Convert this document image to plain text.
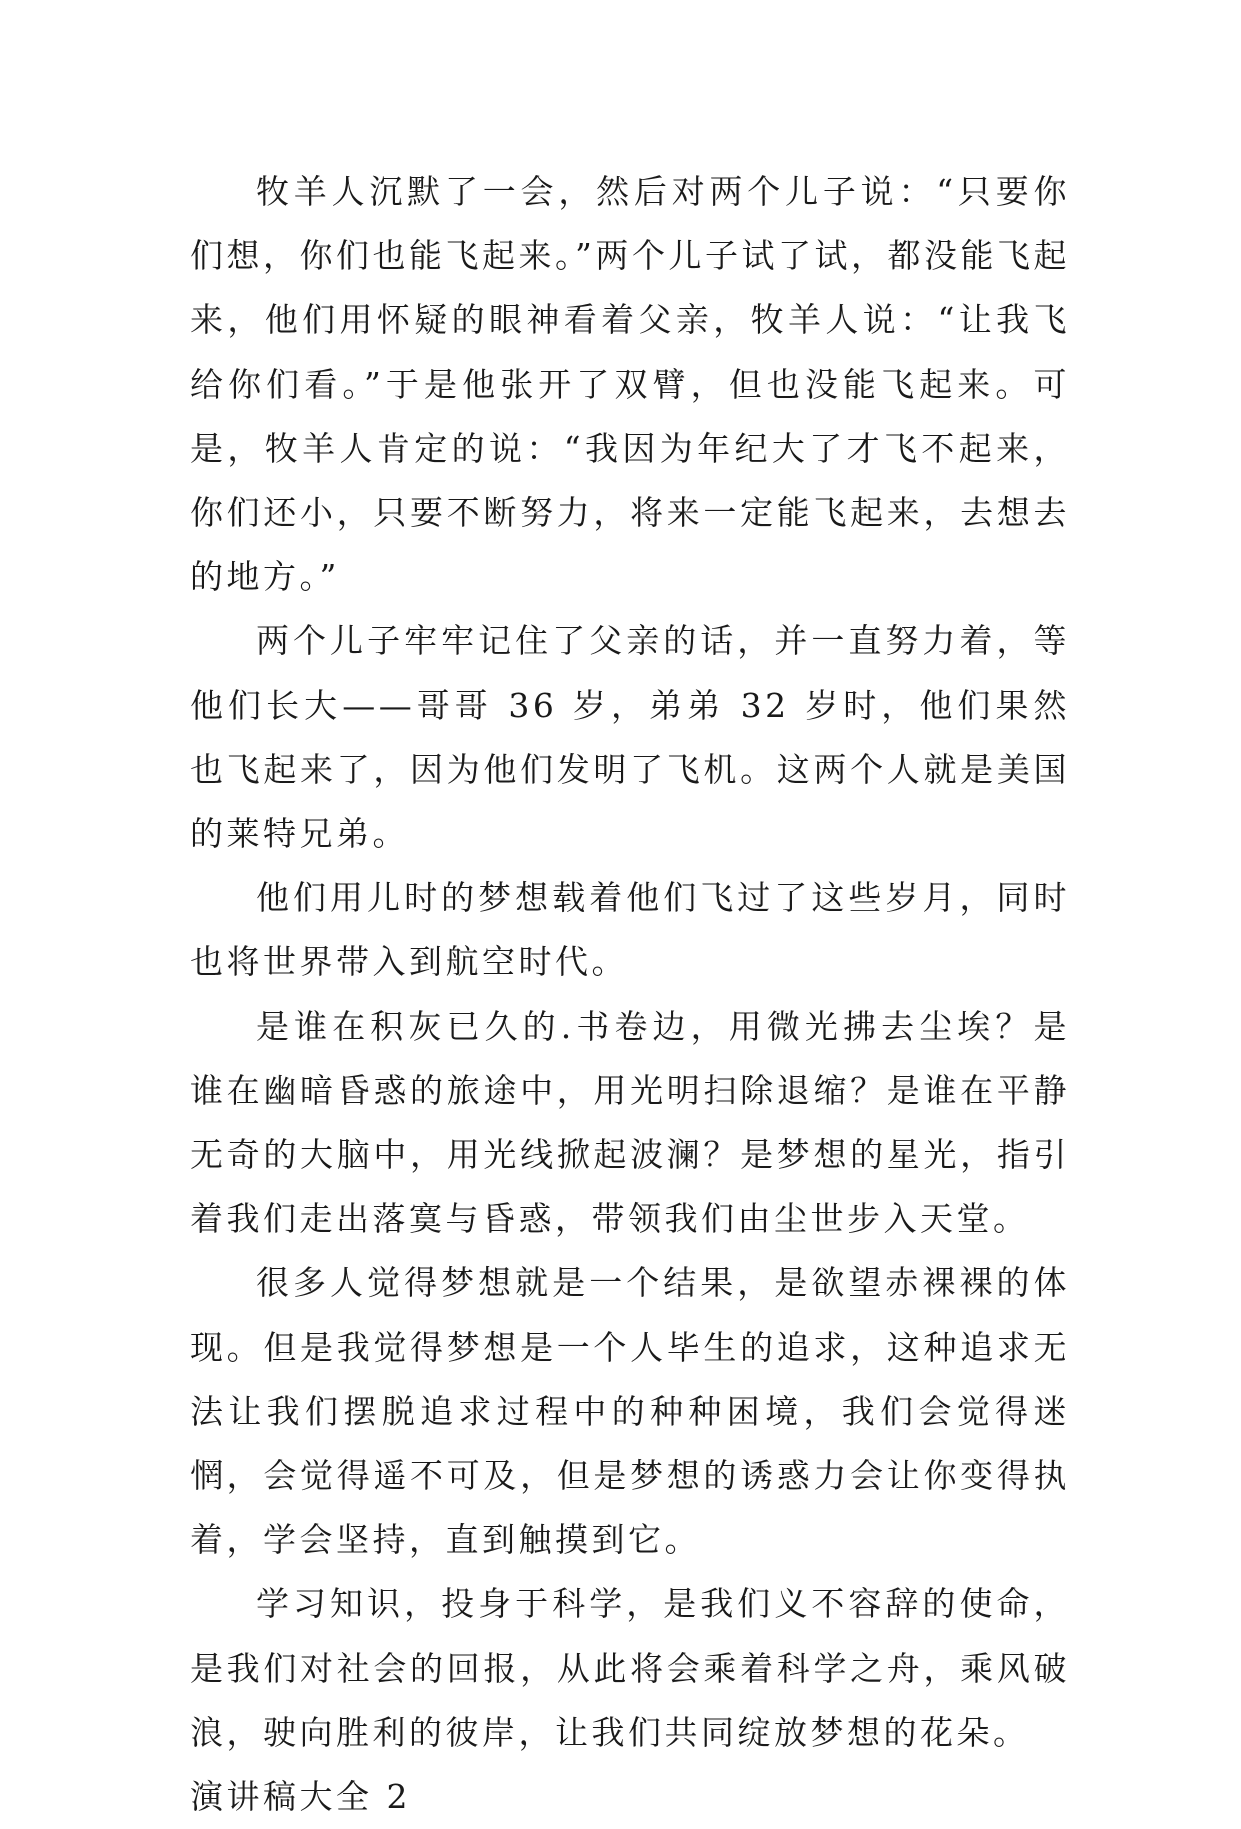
牧羊人沉默了一会，然后对两个儿子说：“只要你们想，你们也能飞起来。”两个儿子试了试，都没能飞起来，他们用怀疑的眼神看着父亲，牧羊人说：“让我飞给你们看。”于是他张开了双臂，但也没能飞起来。可是，牧羊人肯定的说：“我因为年纪大了才飞不起来，你们还小，只要不断努力，将来一定能飞起来，去想去的地方。”

两个儿子牢牢记住了父亲的话，并一直努力着，等他们长大——哥哥 36 岁，弟弟 32 岁时，他们果然也飞起来了，因为他们发明了飞机。这两个人就是美国的莱特兄弟。

他们用儿时的梦想载着他们飞过了这些岁月，同时也将世界带入到航空时代。

是谁在积灰已久的.书卷边，用微光拂去尘埃？是谁在幽暗昏惑的旅途中，用光明扫除退缩？是谁在平静无奇的大脑中，用光线掀起波澜？是梦想的星光，指引着我们走出落寞与昏惑，带领我们由尘世步入天堂。

很多人觉得梦想就是一个结果，是欲望赤裸裸的体现。但是我觉得梦想是一个人毕生的追求，这种追求无法让我们摆脱追求过程中的种种困境，我们会觉得迷惘，会觉得遥不可及，但是梦想的诱惑力会让你变得执着，学会坚持，直到触摸到它。

学习知识，投身于科学，是我们义不容辞的使命，是我们对社会的回报，从此将会乘着科学之舟，乘风破浪，驶向胜利的彼岸，让我们共同绽放梦想的花朵。

演讲稿大全 2
